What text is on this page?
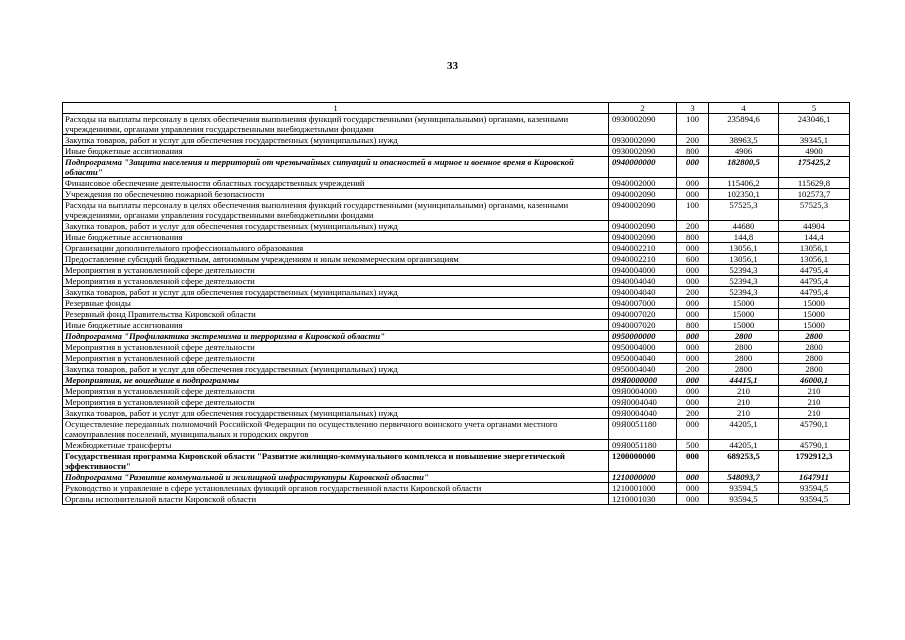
33
1	2	3	4	5
Расходы на выплаты персоналу в целях обеспечения выполнения функций государственными (муниципальными) органами, казенными учреждениями, органами управления государственными внебюджетными фондами	0930002090	100	235894,6	243046,1
Закупка товаров, работ и услуг для обеспечения государственных (муниципальных) нужд	0930002090	200	38963,5	39345,1
Иные бюджетные ассигнования	0930002090	800	4906	4900
Подпрограмма "Защита населения и территорий от чрезвычайных ситуаций и опасностей в мирное и военное время в Кировской области"	0940000000	000	182800,5	175425,2
Финансовое обеспечение деятельности областных государственных учреждений	0940002000	000	115406,2	115629,8
Учреждения по обеспечению пожарной безопасности	0940002090	000	102350,1	102573,7
Расходы на выплаты персоналу в целях обеспечения выполнения функций государственными (муниципальными) органами, казенными учреждениями, органами управления государственными внебюджетными фондами	0940002090	100	57525,3	57525,3
Закупка товаров, работ и услуг для обеспечения государственных (муниципальных) нужд	0940002090	200	44680	44904
Иные бюджетные ассигнования	0940002090	800	144,8	144,4
Организации дополнительного профессионального образования	0940002210	000	13056,1	13056,1
Предоставление субсидий бюджетным, автономным учреждениям и иным некоммерческим организациям	0940002210	600	13056,1	13056,1
Мероприятия в установленной сфере деятельности	0940004000	000	52394,3	44795,4
Мероприятия в установленной сфере деятельности	0940004040	000	52394,3	44795,4
Закупка товаров, работ и услуг для обеспечения государственных (муниципальных) нужд	0940004040	200	52394,3	44795,4
Резервные фонды	0940007000	000	15000	15000
Резервный фонд Правительства Кировской области	0940007020	000	15000	15000
Иные бюджетные ассигнования	0940007020	800	15000	15000
Подпрограмма "Профилактика экстремизма и терроризма в Кировской области"	0950000000	000	2800	2800
Мероприятия в установленной сфере деятельности	0950004000	000	2800	2800
Мероприятия в установленной сфере деятельности	0950004040	000	2800	2800
Закупка товаров, работ и услуг для обеспечения государственных (муниципальных) нужд	0950004040	200	2800	2800
Мероприятия, не вошедшие в подпрограммы	09Я0000000	000	44415,1	46000,1
Мероприятия в установленной сфере деятельности	09Я0004000	000	210	210
Мероприятия в установленной сфере деятельности	09Я0004040	000	210	210
Закупка товаров, работ и услуг для обеспечения государственных (муниципальных) нужд	09Я0004040	200	210	210
Осуществление переданных полномочий Российской Федерации по осуществлению первичного воинского учета органами местного самоуправления поселений, муниципальных и городских округов	09Я0051180	000	44205,1	45790,1
Межбюджетные трансферты	09Я0051180	500	44205,1	45790,1
Государственная программа Кировской области "Развитие жилищно-коммунального комплекса и повышение энергетической эффективности"	1200000000	000	689253,5	1792912,3
Подпрограмма "Развитие коммунальной и жилищной инфраструктуры Кировской области"	1210000000	000	548093,7	1647911
Руководство и управление в сфере установленных функций органов государственной власти Кировской области	1210001000	000	93594,5	93594,5
Органы исполнительной власти Кировской области	1210001030	000	93594,5	93594,5
